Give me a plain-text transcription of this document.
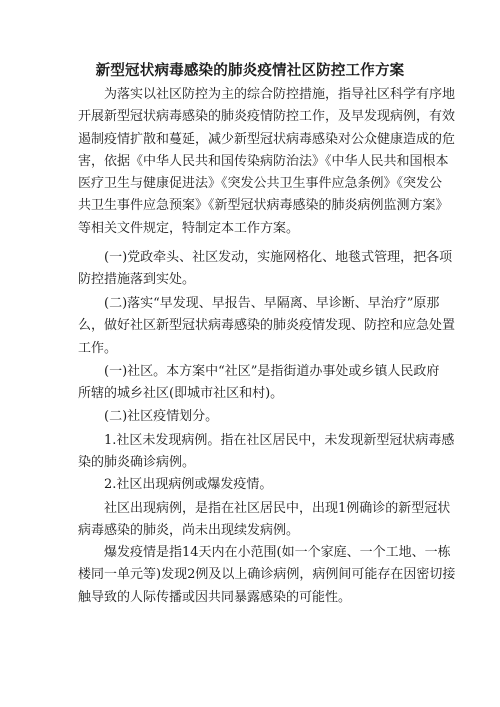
新型冠状病毒感染的肺炎疫情社区防控工作方案
　　为落实以社区防控为主的综合防控措施，指导社区科学有序地
开展新型冠状病毒感染的肺炎疫情防控工作，及早发现病例，有效
遏制疫情扩散和蔓延，减少新型冠状病毒感染对公众健康造成的危
害，依据《中华人民共和国传染病防治法》《中华人民共和国根本
医疗卫生与健康促进法》《突发公共卫生事件应急条例》《突发公
共卫生事件应急预案》《新型冠状病毒感染的肺炎病例监测方案》
等相关文件规定，特制定本工作方案。
　　(一)党政牵头、社区发动，实施网格化、地毯式管理，把各项
防控措施落到实处。
　　(二)落实“早发现、早报告、早隔离、早诊断、早治疗”原那
么，做好社区新型冠状病毒感染的肺炎疫情发现、防控和应急处置
工作。
　　(一)社区。本方案中“社区”是指街道办事处或乡镇人民政府
所辖的城乡社区(即城市社区和村)。
　　(二)社区疫情划分。
　　1.社区未发现病例。指在社区居民中，未发现新型冠状病毒感
染的肺炎确诊病例。
　　2.社区出现病例或爆发疫情。
　　社区出现病例，是指在社区居民中，出现1例确诊的新型冠状
病毒感染的肺炎，尚未出现续发病例。
　　爆发疫情是指14天内在小范围(如一个家庭、一个工地、一栋
楼同一单元等)发现2例及以上确诊病例，病例间可能存在因密切接
触导致的人际传播或因共同暴露感染的可能性。
